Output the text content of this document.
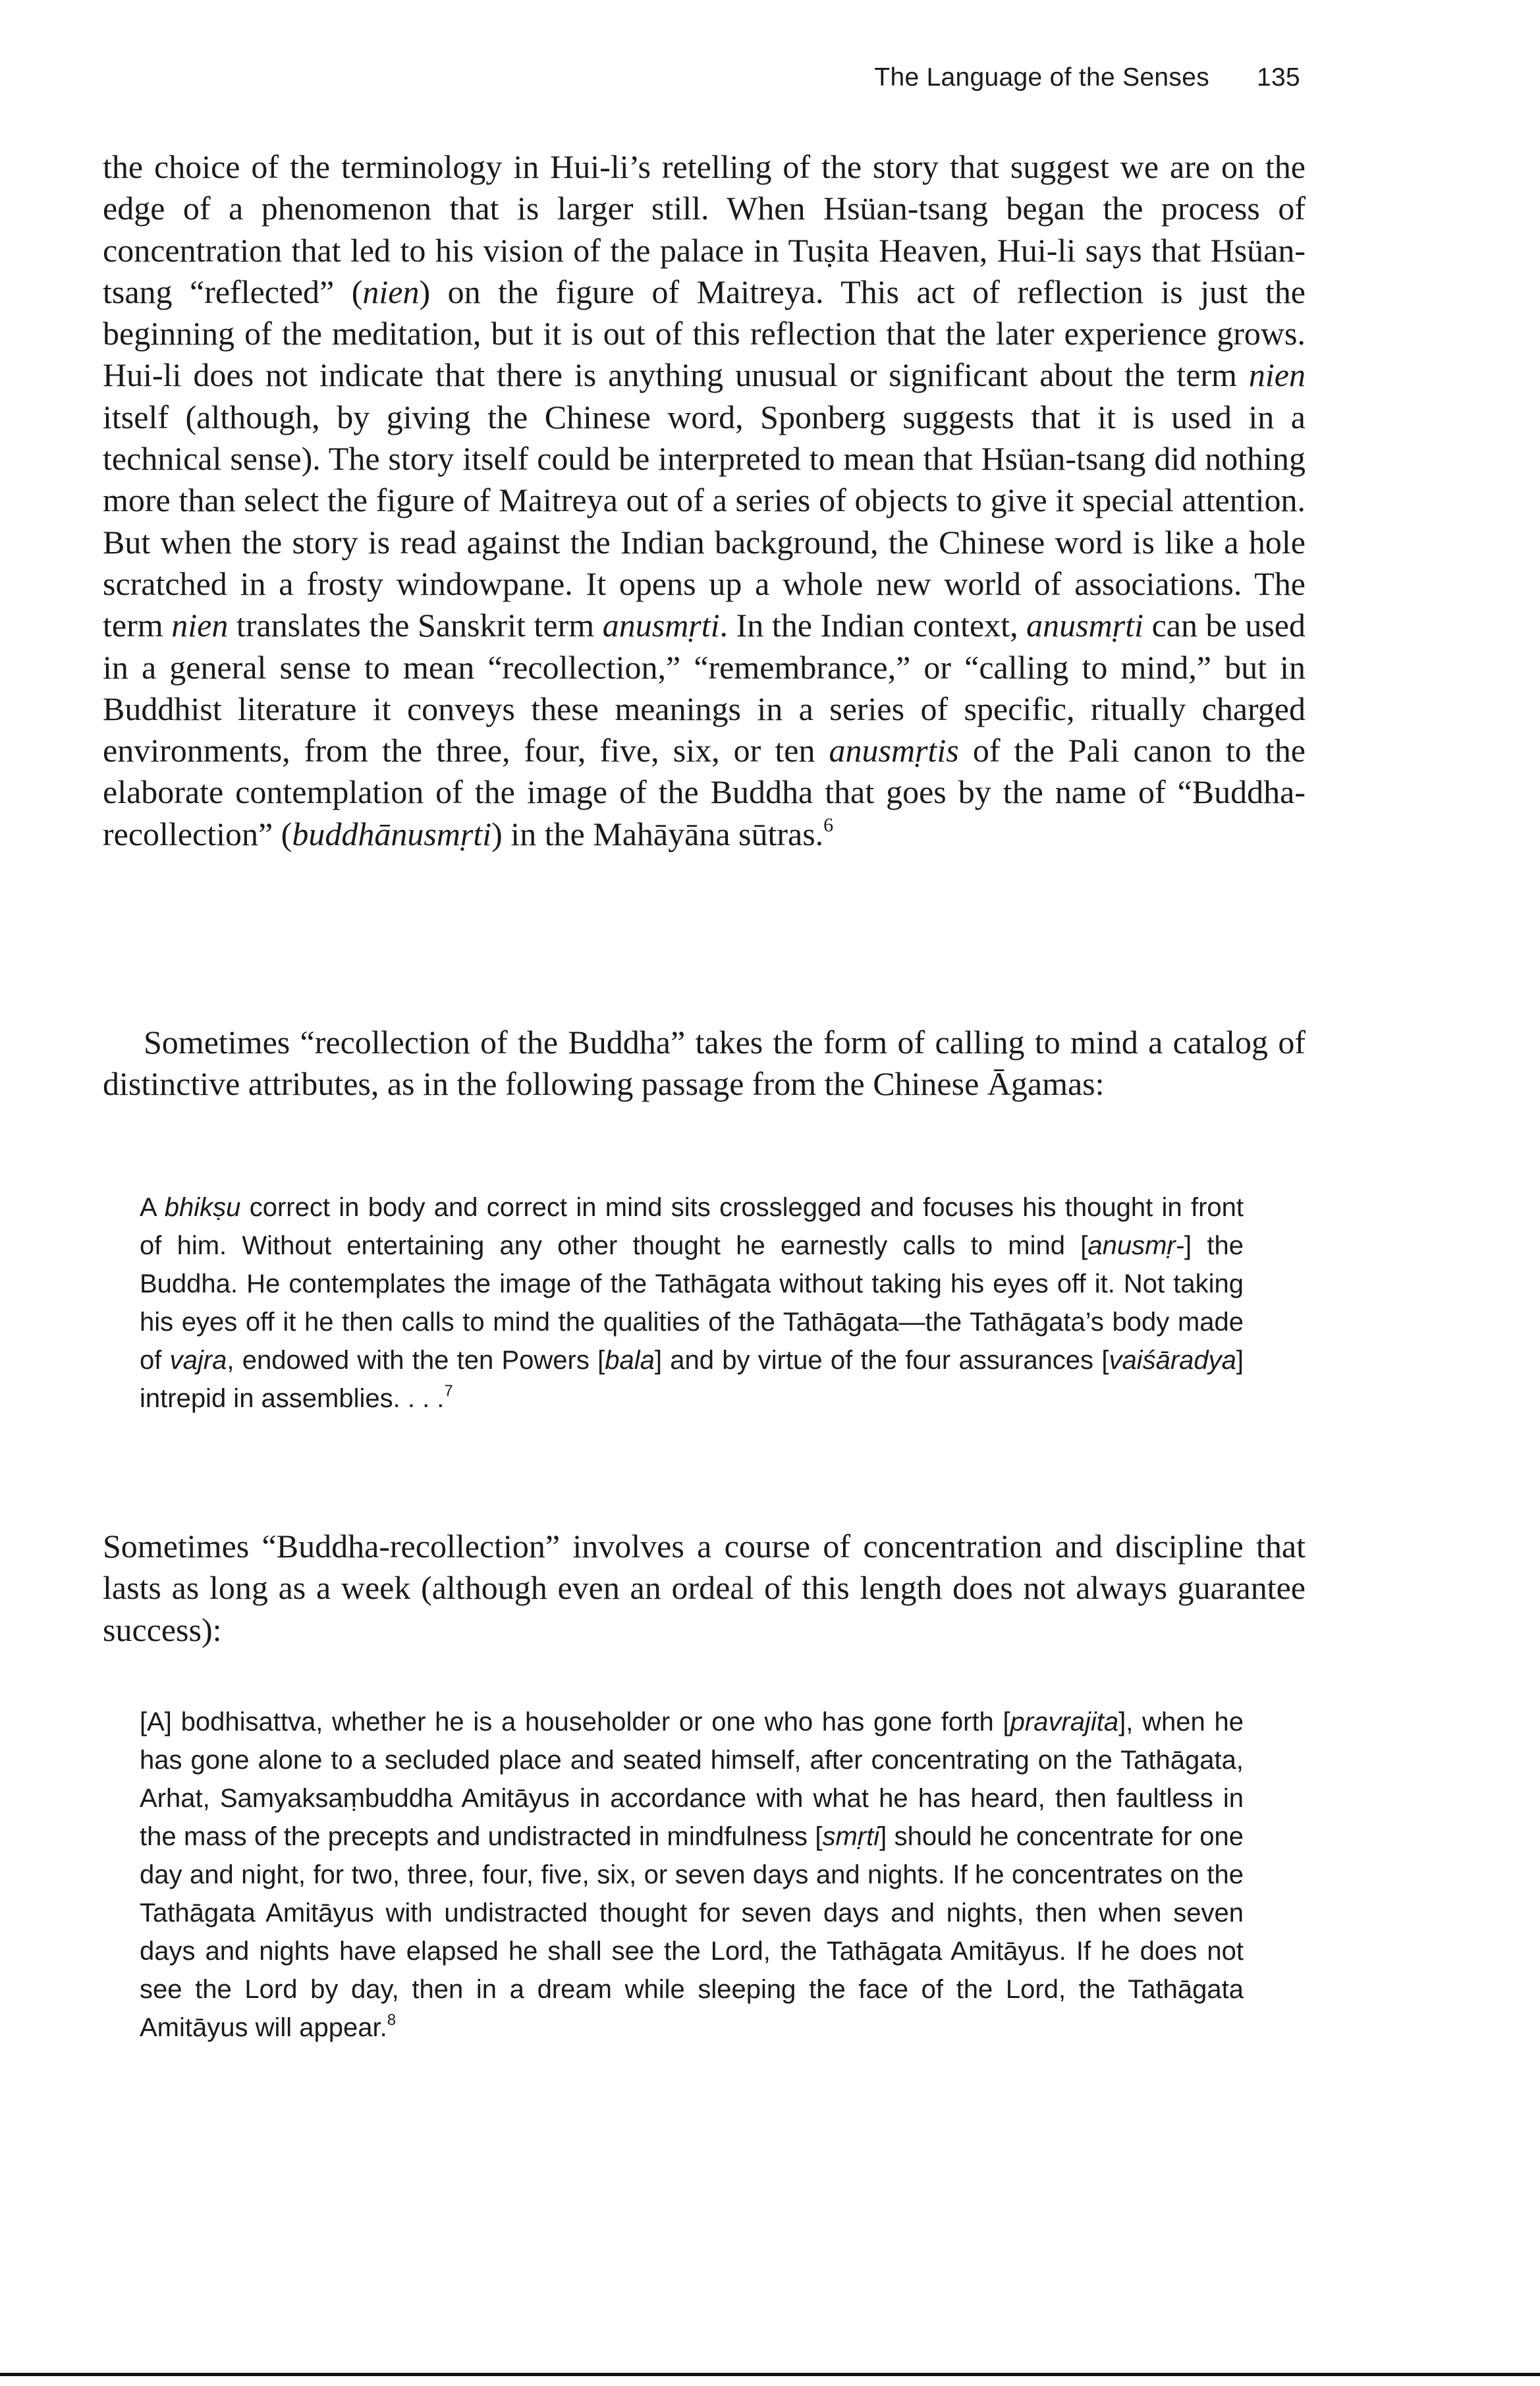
The Language of the Senses 135

the choice of the terminology in Hui-li’s retelling of the story that suggest we are on the edge of a phenomenon that is larger still. When Hsüan-tsang began the process of concentration that led to his vision of the palace in Tuṣita Heaven, Hui-li says that Hsüan-tsang “reflected” (nien) on the figure of Maitreya. This act of reflection is just the beginning of the meditation, but it is out of this reflection that the later experience grows. Hui-li does not indicate that there is anything unusual or significant about the term nien itself (although, by giving the Chinese word, Sponberg suggests that it is used in a technical sense). The story itself could be interpreted to mean that Hsüan-tsang did nothing more than select the figure of Maitreya out of a series of objects to give it special attention. But when the story is read against the Indian background, the Chinese word is like a hole scratched in a frosty windowpane. It opens up a whole new world of associations. The term nien translates the Sanskrit term anusmṛti. In the Indian context, anusmṛti can be used in a general sense to mean “recollection,” “remembrance,” or “calling to mind,” but in Buddhist literature it conveys these meanings in a series of specific, ritually charged environments, from the three, four, five, six, or ten anusmṛtis of the Pali canon to the elaborate contemplation of the image of the Buddha that goes by the name of “Buddha-recollection” (buddhānusmṛti) in the Mahāyāna sūtras.$^6$

Sometimes “recollection of the Buddha” takes the form of calling to mind a catalog of distinctive attributes, as in the following passage from the Chinese Āgamas:

A bhikṣu correct in body and correct in mind sits crosslegged and focuses his thought in front of him. Without entertaining any other thought he earnestly calls to mind [anusmṛ-] the Buddha. He contemplates the image of the Tathāgata without taking his eyes off it. Not taking his eyes off it he then calls to mind the qualities of the Tathāgata—the Tathāgata’s body made of vajra, endowed with the ten Powers [bala] and by virtue of the four assurances [vaiśāradya] intrepid in assemblies. . . .$^7$

Sometimes “Buddha-recollection” involves a course of concentration and discipline that lasts as long as a week (although even an ordeal of this length does not always guarantee success):

[A] bodhisattva, whether he is a householder or one who has gone forth [pravrajita], when he has gone alone to a secluded place and seated himself, after concentrating on the Tathāgata, Arhat, Samyaksaṃbuddha Amitāyus in accordance with what he has heard, then faultless in the mass of the precepts and undistracted in mindfulness [smṛti] should he concentrate for one day and night, for two, three, four, five, six, or seven days and nights. If he concentrates on the Tathāgata Amitāyus with undistracted thought for seven days and nights, then when seven days and nights have elapsed he shall see the Lord, the Tathāgata Amitāyus. If he does not see the Lord by day, then in a dream while sleeping the face of the Lord, the Tathāgata Amitāyus will appear.$^8$
